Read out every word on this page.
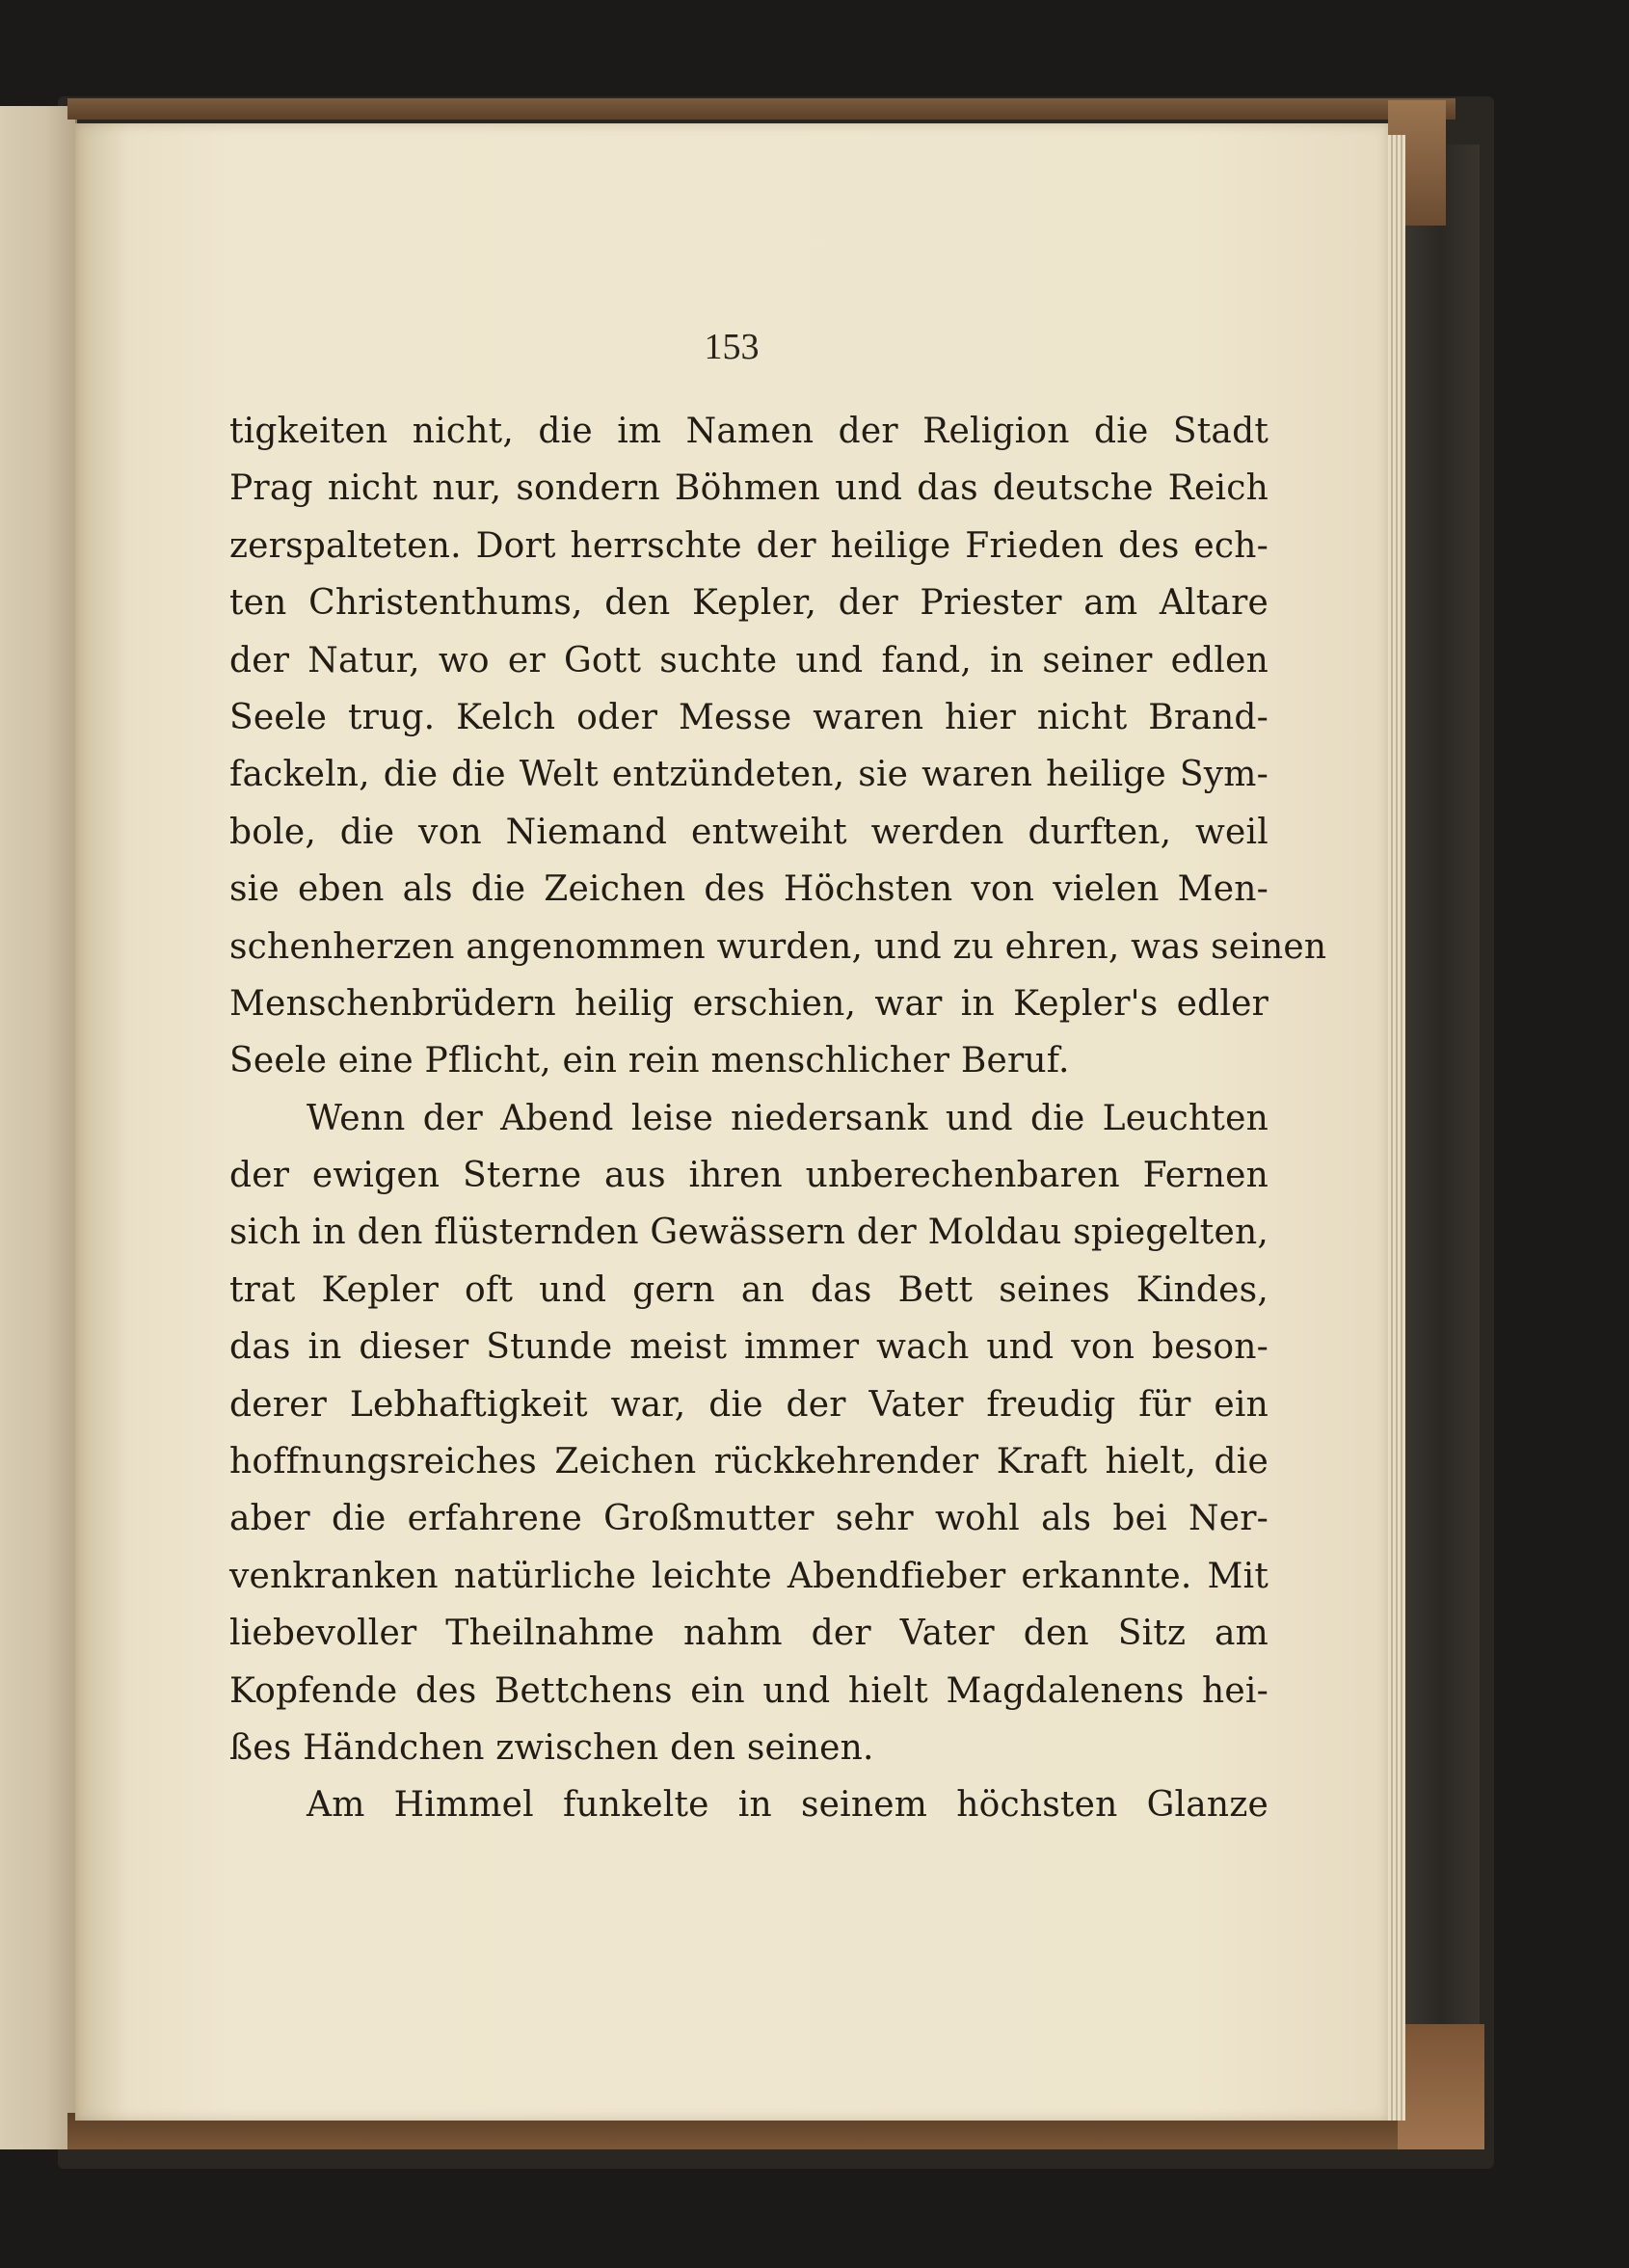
153
tigkeiten nicht, die im Namen der Religion die Stadt
Prag nicht nur, sondern Böhmen und das deutsche Reich
zerspalteten. Dort herrschte der heilige Frieden des ech-
ten Christenthums, den Kepler, der Priester am Altare
der Natur, wo er Gott suchte und fand, in seiner edlen
Seele trug. Kelch oder Messe waren hier nicht Brand-
fackeln, die die Welt entzündeten, sie waren heilige Sym-
bole, die von Niemand entweiht werden durften, weil
sie eben als die Zeichen des Höchsten von vielen Men-
schenherzen angenommen wurden, und zu ehren, was seinen
Menschenbrüdern heilig erschien, war in Kepler's edler
Seele eine Pflicht, ein rein menschlicher Beruf.
Wenn der Abend leise niedersank und die Leuchten
der ewigen Sterne aus ihren unberechenbaren Fernen
sich in den flüsternden Gewässern der Moldau spiegelten,
trat Kepler oft und gern an das Bett seines Kindes,
das in dieser Stunde meist immer wach und von beson-
derer Lebhaftigkeit war, die der Vater freudig für ein
hoffnungsreiches Zeichen rückkehrender Kraft hielt, die
aber die erfahrene Großmutter sehr wohl als bei Ner-
venkranken natürliche leichte Abendfieber erkannte. Mit
liebevoller Theilnahme nahm der Vater den Sitz am
Kopfende des Bettchens ein und hielt Magdalenens hei-
ßes Händchen zwischen den seinen.
Am Himmel funkelte in seinem höchsten Glanze
